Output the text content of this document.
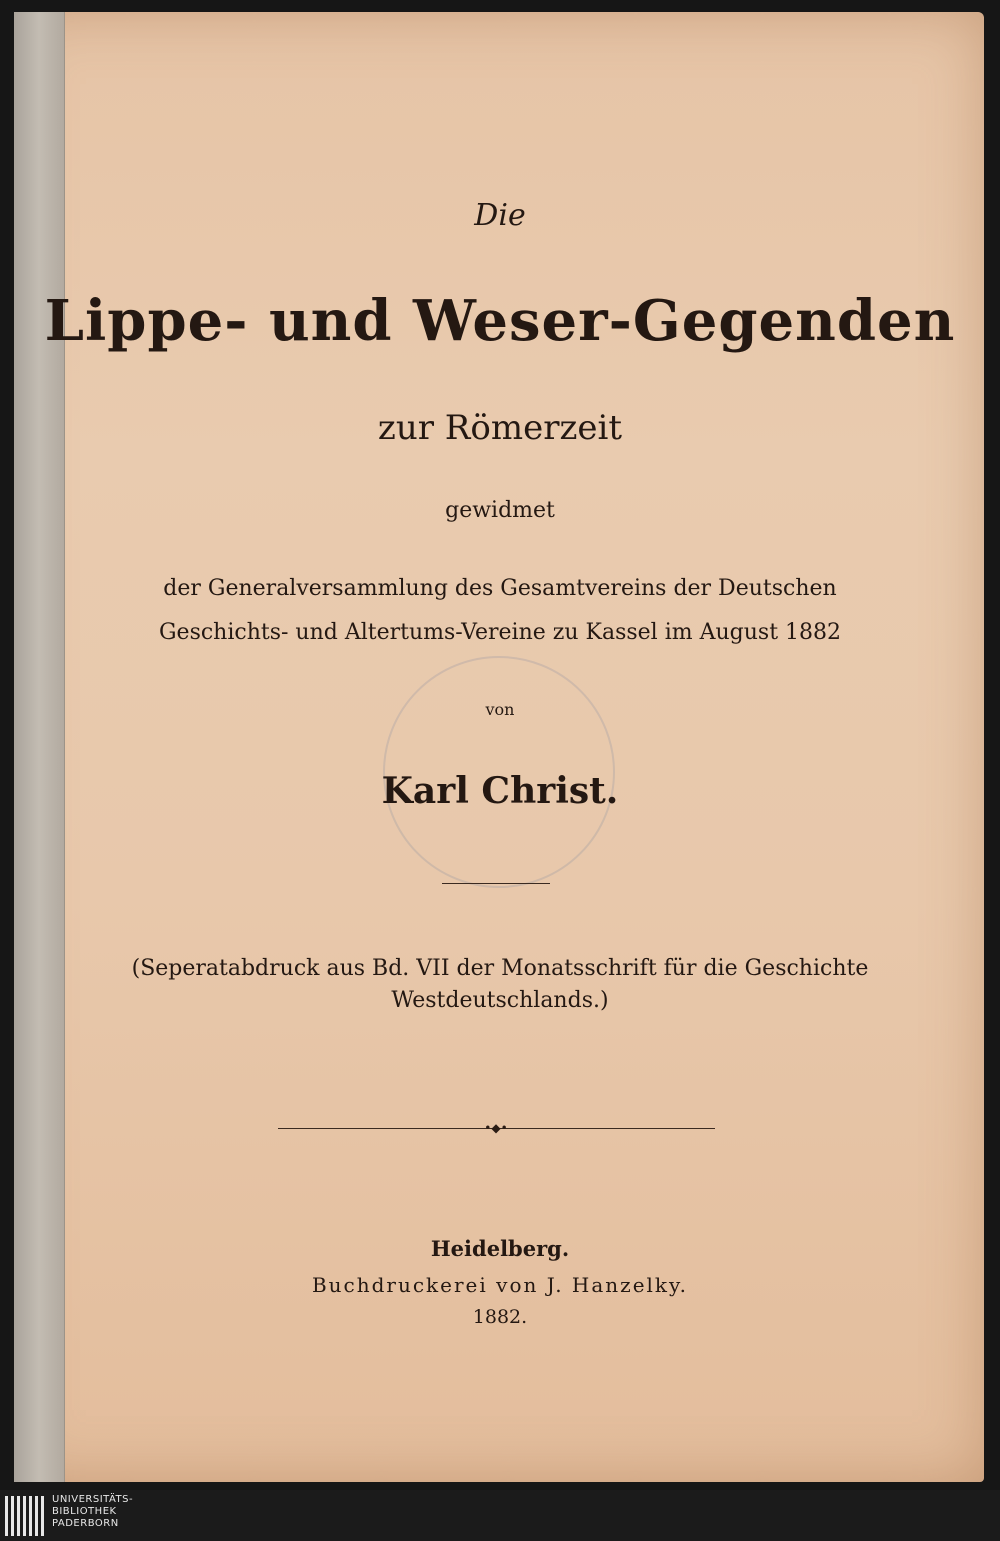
Die
Lippe- und Weser-Gegenden
zur Römerzeit
gewidmet
der Generalversammlung des Gesamtvereins der Deutschen
Geschichts- und Altertums-Vereine zu Kassel im August 1882
von
Karl Christ.
(Seperatabdruck aus Bd. VII der Monatsschrift für die Geschichte
Westdeutschlands.)
•◆•
Heidelberg.
Buchdruckerei von J. Hanzelky.
1882.
UNIVERSITÄTS-
BIBLIOTHEK
PADERBORN
